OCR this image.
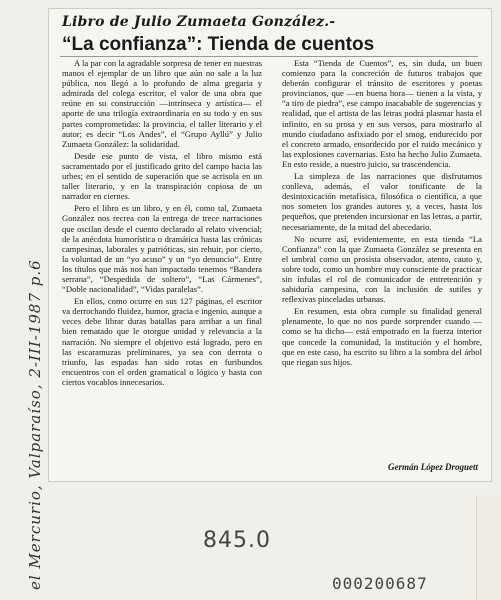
el Mercurio, Valparaíso, 2-III-1987 p.6
Libro de Julio Zumaeta González.-
“La confianza”: Tienda de cuentos

A la par con la agradable sorpresa de tener en nuestras manos el ejemplar de un libro que aún no sale a la luz pública, nos llegó a lo profundo de alma gregaria y admirada del colega escritor, el valor de una obra que reúne en su construcción —intrínseca y artística— el aporte de una trilogía extraordinaria en su todo y en sus partes comprometidas: la provincia, el taller literario y el autor; es decir “Los Andes”, el “Grupo Ayllú” y Julio Zumaeta González: la solidaridad.

Desde ese punto de vista, el libro mismo está sacramentado por el justificado grito del campo hacia las urbes; en el sentido de superación que se acrisola en un taller literario, y en la transpiración copiosa de un narrador en ciernes.

Pero el libro es un libro, y en él, como tal, Zumaeta González nos recrea con la entrega de trece narraciones que oscilan desde el cuento declarado al relato vivencial; de la anécdota humorística o dramática hasta las crónicas campesinas, laborales y patrióticas, sin rehuir, por cierto, la voluntad de un “yo acuso” y un “yo denuncio”. Entre los títulos que más nos han impactado tenemos “Bandera serrana”, “Despedida de soltero”, “Las Cármenes”, “Doble nacionalidad”, “Vidas paralelas”.

En ellos, como ocurre en sus 127 páginas, el escritor va derrochando fluidez, humor, gracia e ingenio, aunque a veces debe librar duras batallas para arribar a un final bien rematado que le otorgue unidad y relevancia a la narración. No siempre el objetivo está logrado, pero en las escaramuzas preliminares, ya sea con derrota o triunfo, las espadas han sido rotas en furibundos encuentros con el orden gramatical o lógico y hasta con ciertos vocablos innecesarios.

Esta “Tienda de Cuentos”, es, sin duda, un buen comienzo para la concreción de futuros trabajos que deberán configurar el tránsito de escritores y poetas provincianos, que —en buena hora— tienen a la vista, y “a tiro de piedra”, ese campo inacabable de sugerencias y realidad, que el artista de las letras podrá plasmar hasta el infinito, en su prosa y en sus versos, para mostrarlo al mundo ciudadano asfixiado por el smog, endurecido por el concreto armado, ensordecido por el ruido mecánico y las explosiones cavernarias. Esto ha hecho Julio Zumaeta. En esto reside, a nuestro juicio, su trascendencia.

La simpleza de las narraciones que disfrutamos conlleva, además, el valor tonificante de la desintoxicación metafísica, filosófica o científica, a que nos someten los grandes autores y, a veces, hasta los pequeños, que pretenden incursionar en las letras, a partir, necesariamente, de la mitad del abecedario.

No ocurre así, evidentemente, en esta tienda “La Confianza” con la que Zumaeta González se presenta en el umbral como un prosista observador, atento, cauto y, sobre todo, como un hombre muy consciente de practicar sin ínfulas el rol de comunicador de entretención y sabiduría campesina, con la inclusión de sutiles y reflexivas pinceladas urbanas.

En resumen, esta obra cumple su finalidad general plenamente, lo que no nos puede sorprender cuando —como se ha dicho— está empotrado en la fuerza interior que concede la comunidad, la institución y el hombre, que en este caso, ha escrito su libro a la sombra del árbol que riegan sus hijos.

Germán López Droguett
845.0
000200687
